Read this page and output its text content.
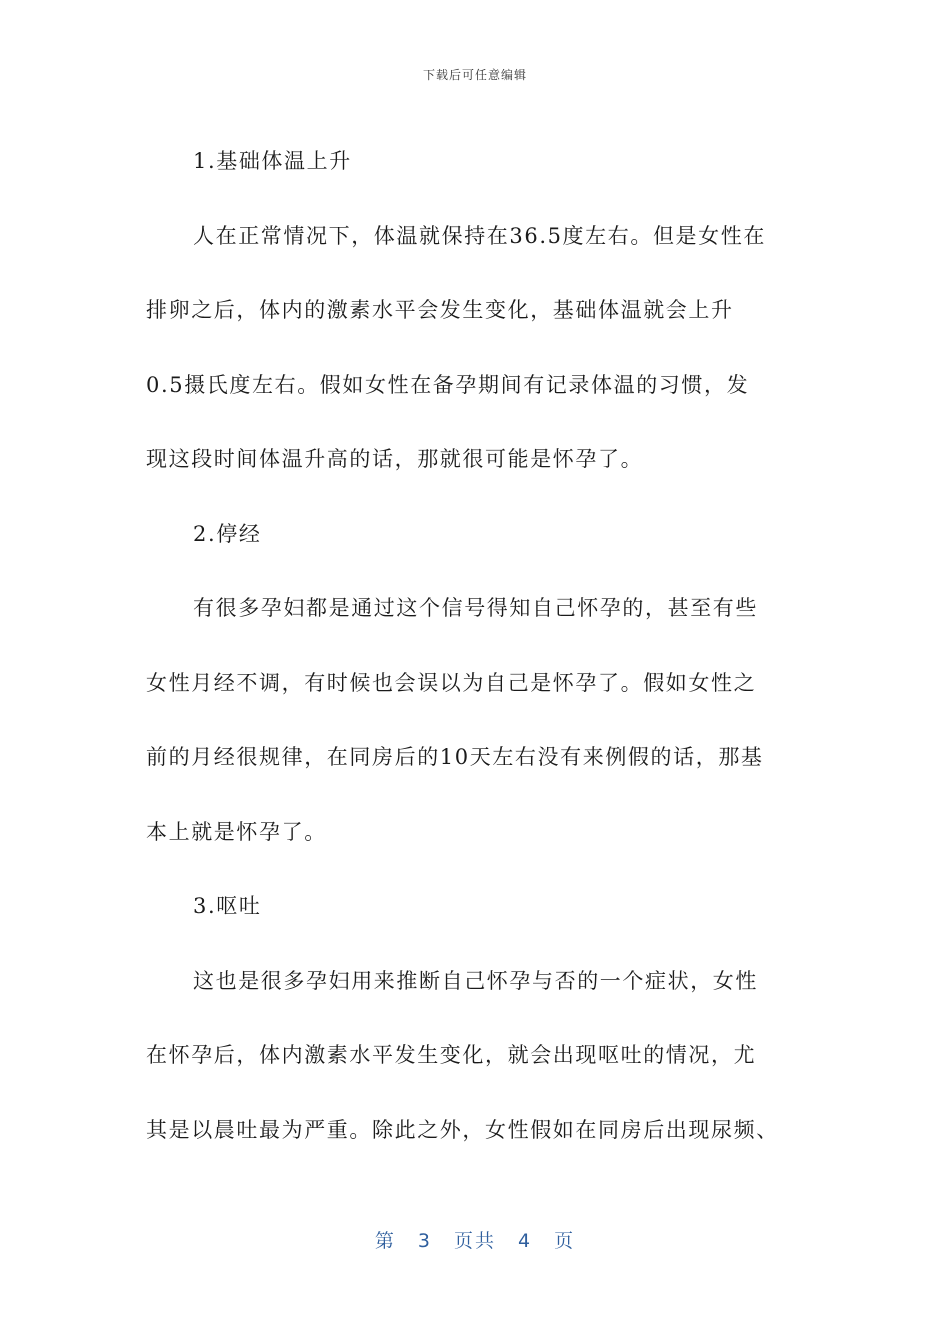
下载后可任意编辑

1.基础体温上升

人在正常情况下，体温就保持在36.5度左右。但是女性在
排卵之后，体内的激素水平会发生变化，基础体温就会上升
0.5摄氏度左右。假如女性在备孕期间有记录体温的习惯，发
现这段时间体温升高的话，那就很可能是怀孕了。

2.停经

有很多孕妇都是通过这个信号得知自己怀孕的，甚至有些
女性月经不调，有时候也会误以为自己是怀孕了。假如女性之
前的月经很规律，在同房后的10天左右没有来例假的话，那基
本上就是怀孕了。

3.呕吐

这也是很多孕妇用来推断自己怀孕与否的一个症状，女性
在怀孕后，体内激素水平发生变化，就会出现呕吐的情况，尤
其是以晨吐最为严重。除此之外，女性假如在同房后出现尿频、

第 3 页共 4 页
